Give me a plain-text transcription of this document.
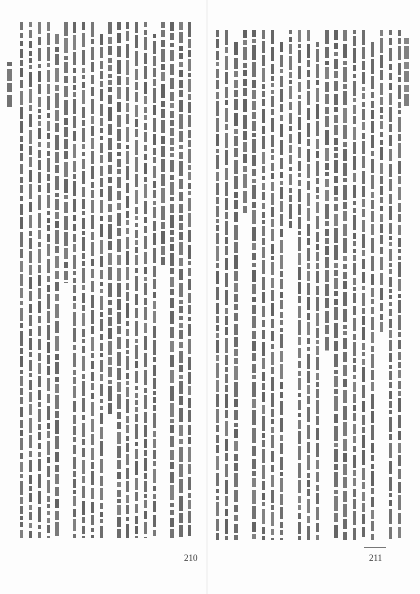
210	211
